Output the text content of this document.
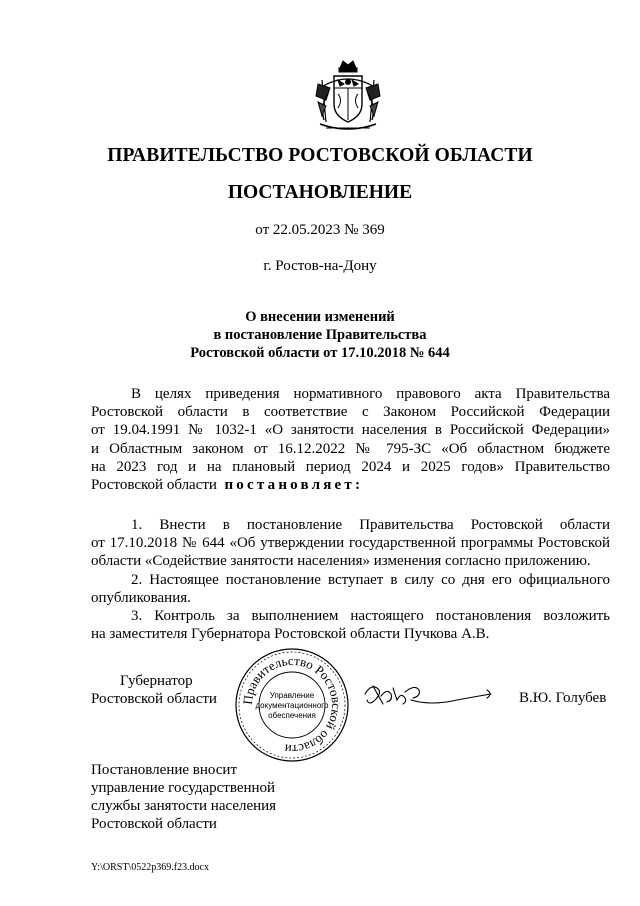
ПРАВИТЕЛЬСТВО РОСТОВСКОЙ ОБЛАСТИ
ПОСТАНОВЛЕНИЕ
от 22.05.2023 № 369
г. Ростов-на-Дону
О внесении изменений
в постановление Правительства
Ростовской области от 17.10.2018 № 644
В целях приведения нормативного правового акта Правительства
Ростовской области в соответствие с Законом Российской Федерации
от 19.04.1991 № 1032-1 «О занятости населения в Российской Федерации»
и Областным законом от 16.12.2022 № 795-ЗС «Об областном бюджете
на 2023 год и на плановый период 2024 и 2025 годов» Правительство
Ростовской области постановляет:
1. Внести в постановление Правительства Ростовской области
от 17.10.2018 № 644 «Об утверждении государственной программы Ростовской
области «Содействие занятости населения» изменения согласно приложению.
2. Настоящее постановление вступает в силу со дня его официального
опубликования.
3. Контроль за выполнением настоящего постановления возложить
на заместителя Губернатора Ростовской области Пучкова А.В.
Губернатор
Ростовской области Правительство Ростовской области
Управление
документационного
обеспечения
В.Ю. Голубев
Постановление вносит
управление государственной
службы занятости населения
Ростовской области
Y:\ORST\0522p369.f23.docx
